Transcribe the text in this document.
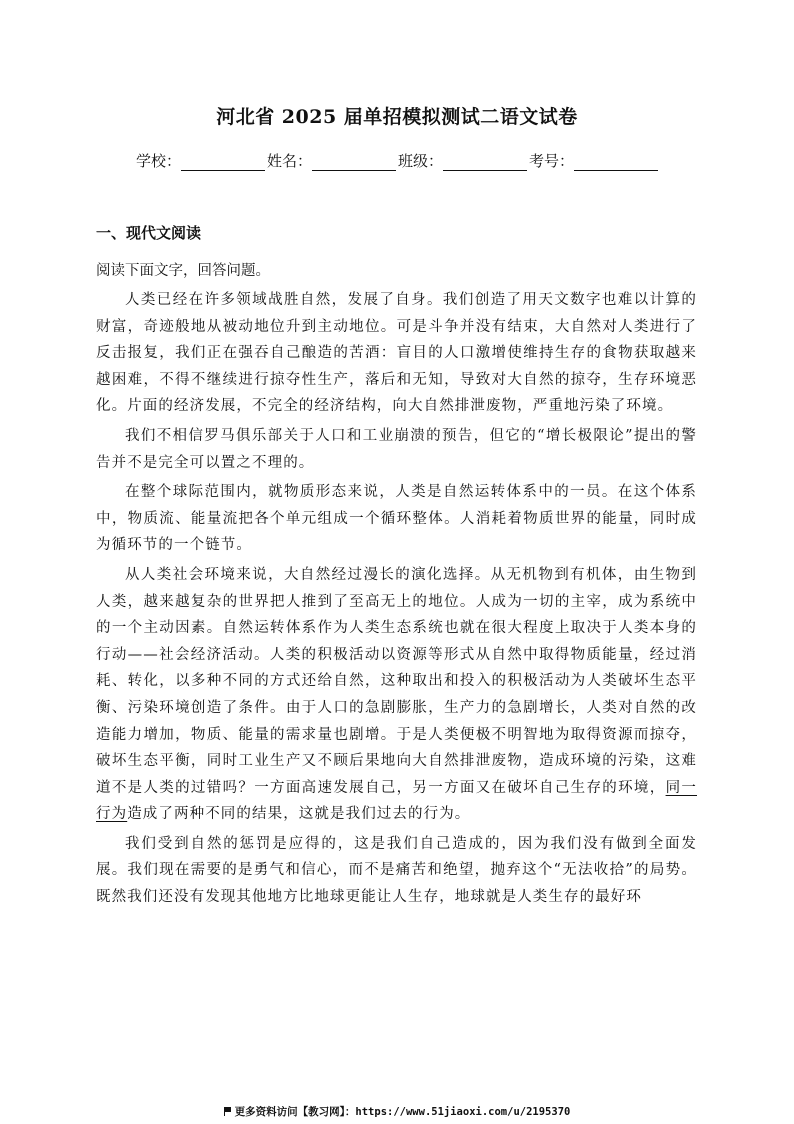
河北省 2025 届单招模拟测试二语文试卷
学校：	姓名：	班级：	考号：
一、现代文阅读
阅读下面文字，回答问题。

人类已经在许多领域战胜自然，发展了自身。我们创造了用天文数字也难以计算的财富，奇迹般地从被动地位升到主动地位。可是斗争并没有结束，大自然对人类进行了反击报复，我们正在强吞自己酿造的苦酒：盲目的人口激增使维持生存的食物获取越来越困难，不得不继续进行掠夺性生产，落后和无知，导致对大自然的掠夺，生存环境恶化。片面的经济发展，不完全的经济结构，向大自然排泄废物，严重地污染了环境。

我们不相信罗马俱乐部关于人口和工业崩溃的预告，但它的“增长极限论”提出的警告并不是完全可以置之不理的。

在整个球际范围内，就物质形态来说，人类是自然运转体系中的一员。在这个体系中，物质流、能量流把各个单元组成一个循环整体。人消耗着物质世界的能量，同时成为循环节的一个链节。

从人类社会环境来说，大自然经过漫长的演化选择。从无机物到有机体，由生物到人类，越来越复杂的世界把人推到了至高无上的地位。人成为一切的主宰，成为系统中的一个主动因素。自然运转体系作为人类生态系统也就在很大程度上取决于人类本身的行动——社会经济活动。人类的积极活动以资源等形式从自然中取得物质能量，经过消耗、转化，以多种不同的方式还给自然，这种取出和投入的积极活动为人类破坏生态平衡、污染环境创造了条件。由于人口的急剧膨胀，生产力的急剧增长，人类对自然的改造能力增加，物质、能量的需求量也剧增。于是人类便极不明智地为取得资源而掠夺，破坏生态平衡，同时工业生产又不顾后果地向大自然排泄废物，造成环境的污染，这难道不是人类的过错吗？一方面高速发展自己，另一方面又在破坏自己生存的环境，同一行为造成了两种不同的结果，这就是我们过去的行为。

我们受到自然的惩罚是应得的，这是我们自己造成的，因为我们没有做到全面发展。我们现在需要的是勇气和信心，而不是痛苦和绝望，抛弃这个“无法收拾”的局势。既然我们还没有发现其他地方比地球更能让人生存，地球就是人类生存的最好环

更多资料访问【教习网】：https://www.51jiaoxi.com/u/2195370
